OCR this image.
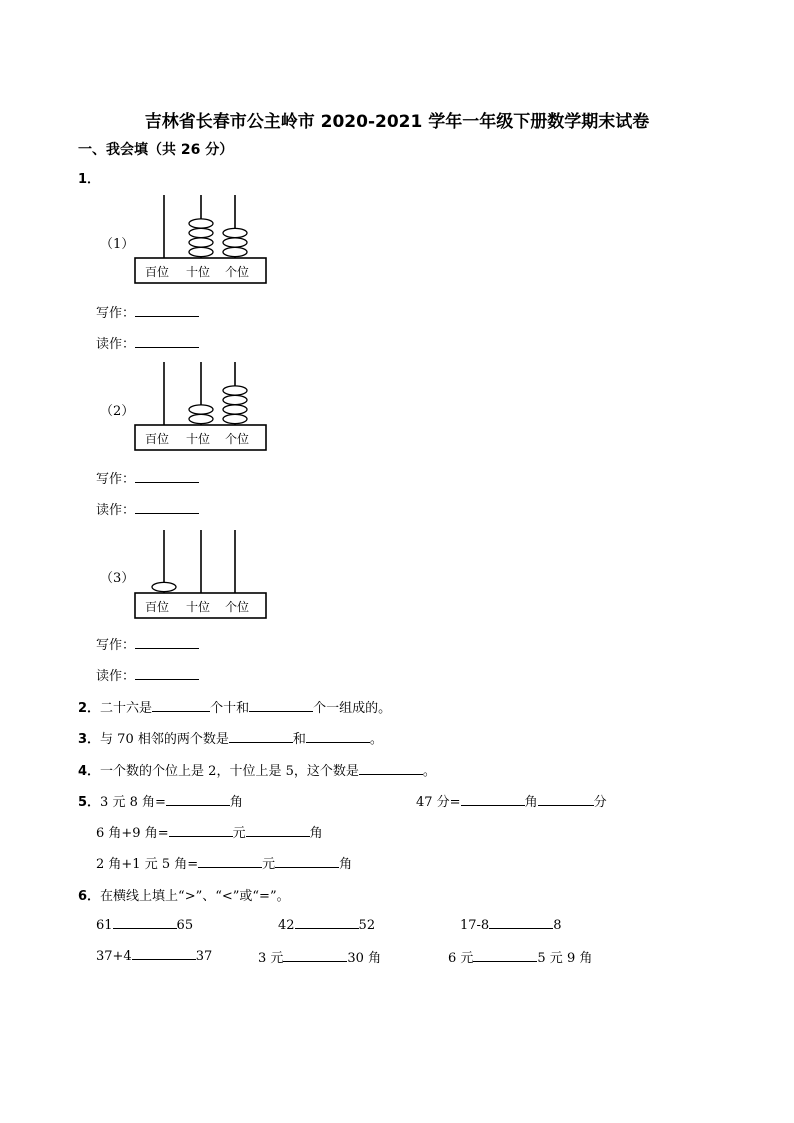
吉林省长春市公主岭市 2020-2021 学年一年级下册数学期末试卷
一、我会填（共 26 分）
1．
（1）
百位 十位 个位
写作：
读作：
（2）
百位 十位 个位
写作：
读作：
（3）
百位 十位 个位
写作：
读作：
2．二十六是	个十和	个一组成的。
3．与 70 相邻的两个数是	和	。
4．一个数的个位上是 2，十位上是 5，这个数是	。
5．3 元 8 角=	角	47 分=	角	分
6 角+9 角=	元	角
2 角+1 元 5 角=	元	角
6．在横线上填上“>”、“<”或“=”。
61	65	42	52	17-8	8
37+4	37	3 元	30 角	6 元	5 元 9 角
